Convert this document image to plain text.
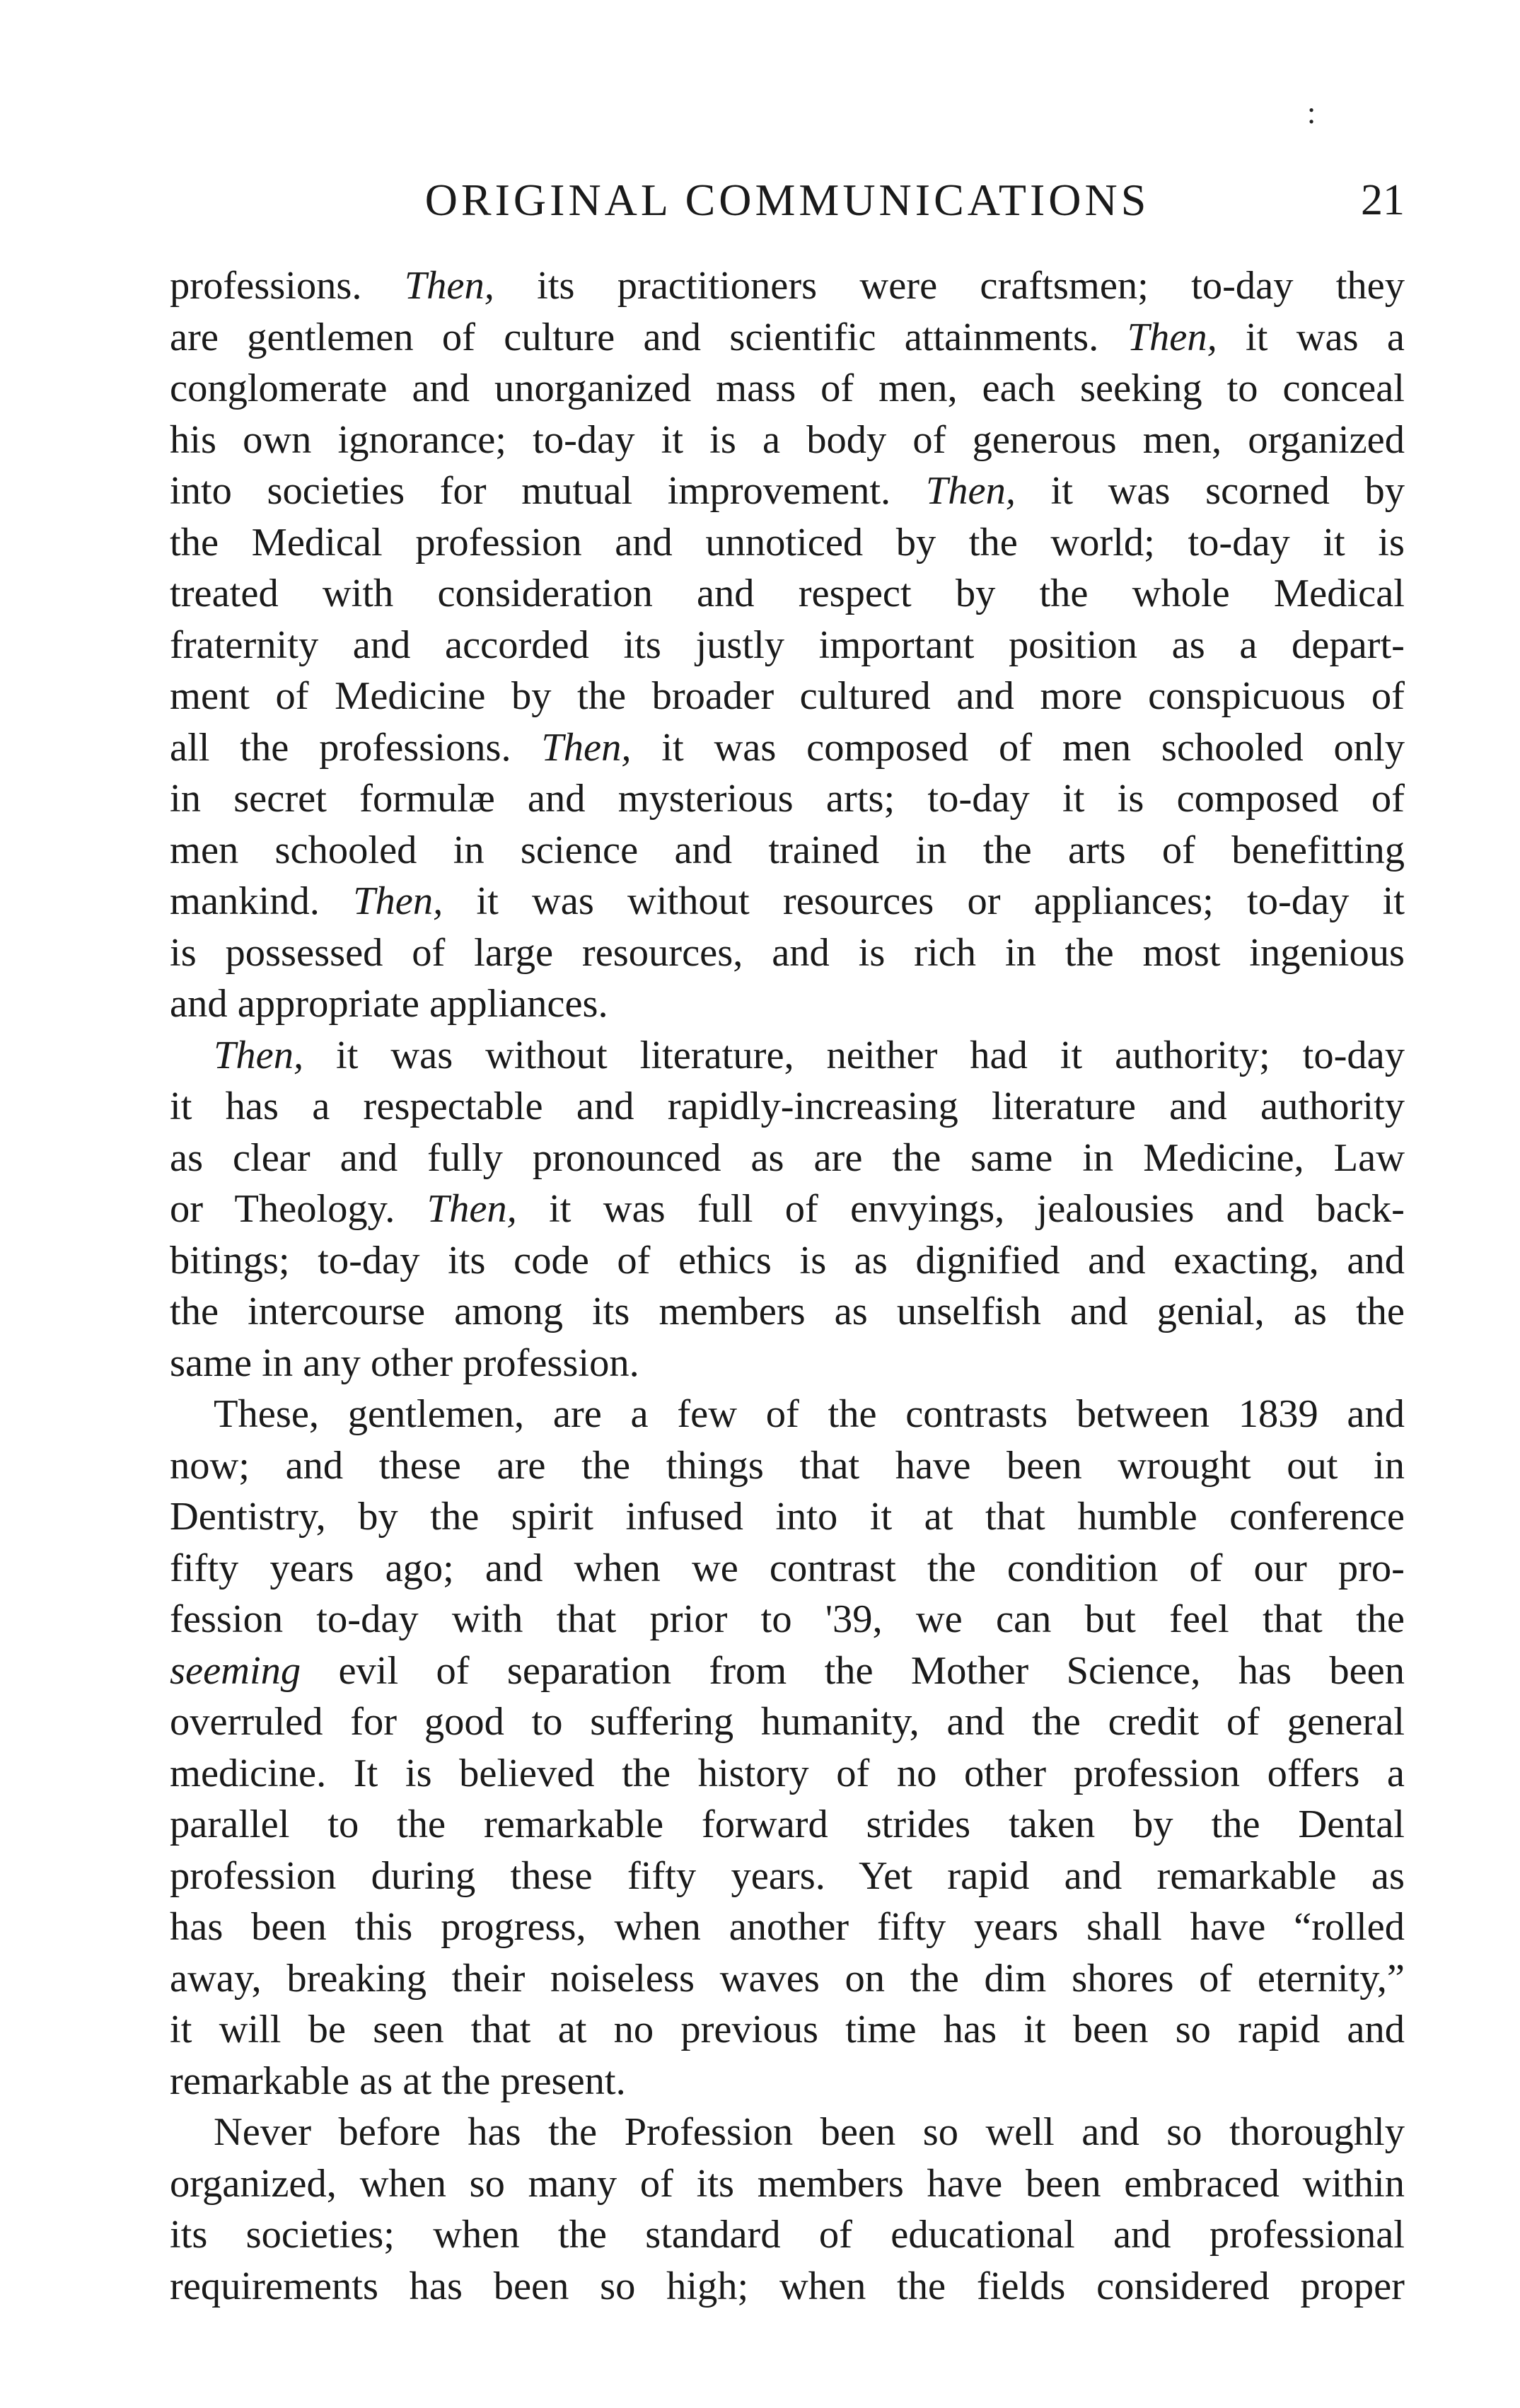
:
ORIGINAL COMMUNICATIONS	21
professions. Then, its practitioners were craftsmen; to-day they
are gentlemen of culture and scientific attainments. Then, it was a
conglomerate and unorganized mass of men, each seeking to conceal
his own ignorance; to-day it is a body of generous men, organized
into societies for mutual improvement. Then, it was scorned by
the Medical profession and unnoticed by the world; to-day it is
treated with consideration and respect by the whole Medical
fraternity and accorded its justly important position as a depart-
ment of Medicine by the broader cultured and more conspicuous of
all the professions. Then, it was composed of men schooled only
in secret formulæ and mysterious arts; to-day it is composed of
men schooled in science and trained in the arts of benefitting
mankind. Then, it was without resources or appliances; to-day it
is possessed of large resources, and is rich in the most ingenious
and appropriate appliances.
Then, it was without literature, neither had it authority; to-day
it has a respectable and rapidly-increasing literature and authority
as clear and fully pronounced as are the same in Medicine, Law
or Theology. Then, it was full of envyings, jealousies and back-
bitings; to-day its code of ethics is as dignified and exacting, and
the intercourse among its members as unselfish and genial, as the
same in any other profession.
These, gentlemen, are a few of the contrasts between 1839 and
now; and these are the things that have been wrought out in
Dentistry, by the spirit infused into it at that humble conference
fifty years ago; and when we contrast the condition of our pro-
fession to-day with that prior to '39, we can but feel that the
seeming evil of separation from the Mother Science, has been
overruled for good to suffering humanity, and the credit of general
medicine. It is believed the history of no other profession offers a
parallel to the remarkable forward strides taken by the Dental
profession during these fifty years. Yet rapid and remarkable as
has been this progress, when another fifty years shall have “rolled
away, breaking their noiseless waves on the dim shores of eternity,”
it will be seen that at no previous time has it been so rapid and
remarkable as at the present.
Never before has the Profession been so well and so thoroughly
organized, when so many of its members have been embraced within
its societies; when the standard of educational and professional
requirements has been so high; when the fields considered proper
